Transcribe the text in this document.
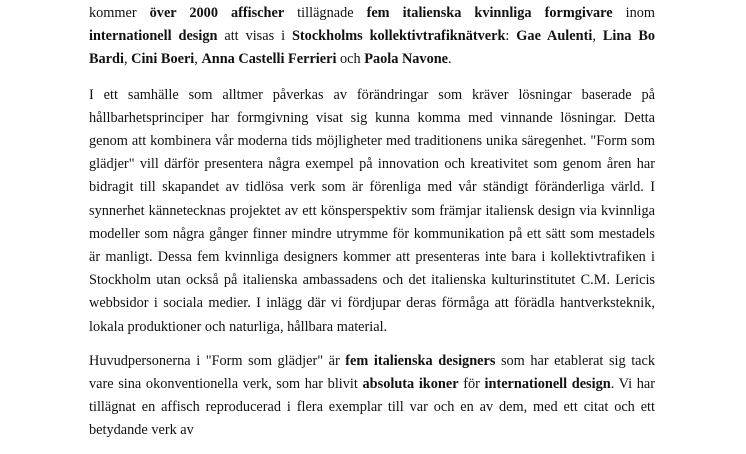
kommer över 2000 affischer tillägnade fem italienska kvinnliga formgivare inom internationell design att visas i Stockholms kollektivtrafiknätverk: Gae Aulenti, Lina Bo Bardi, Cini Boeri, Anna Castelli Ferrieri och Paola Navone.

I ett samhälle som alltmer påverkas av förändringar som kräver lösningar baserade på hållbarhetsprinciper har formgivning visat sig kunna komma med vinnande lösningar. Detta genom att kombinera vår moderna tids möjligheter med traditionens unika säregenhet. "Form som glädjer" vill därför presentera några exempel på innovation och kreativitet som genom åren har bidragit till skapandet av tidlösa verk som är förenliga med vår ständigt föränderliga värld. I synnerhet kännetecknas projektet av ett könsperspektiv som främjar italiensk design via kvinnliga modeller som några gånger finner mindre utrymme för kommunikation på ett sätt som mestadels är manligt. Dessa fem kvinnliga designers kommer att presenteras inte bara i kollektivtrafiken i Stockholm utan också på italienska ambassadens och det italienska kulturinstitutet C.M. Lericis webbsidor i sociala medier. I inlägg där vi fördjupar deras förmåga att förädla hantverksteknik, lokala produktioner och naturliga, hållbara material.

Huvudpersonerna i "Form som glädjer" är fem italienska designers som har etablerat sig tack vare sina okonventionella verk, som har blivit absoluta ikoner för internationell design. Vi har tillägnat en affisch reproducerad i flera exemplar till var och en av dem, med ett citat och ett betydande verk av
